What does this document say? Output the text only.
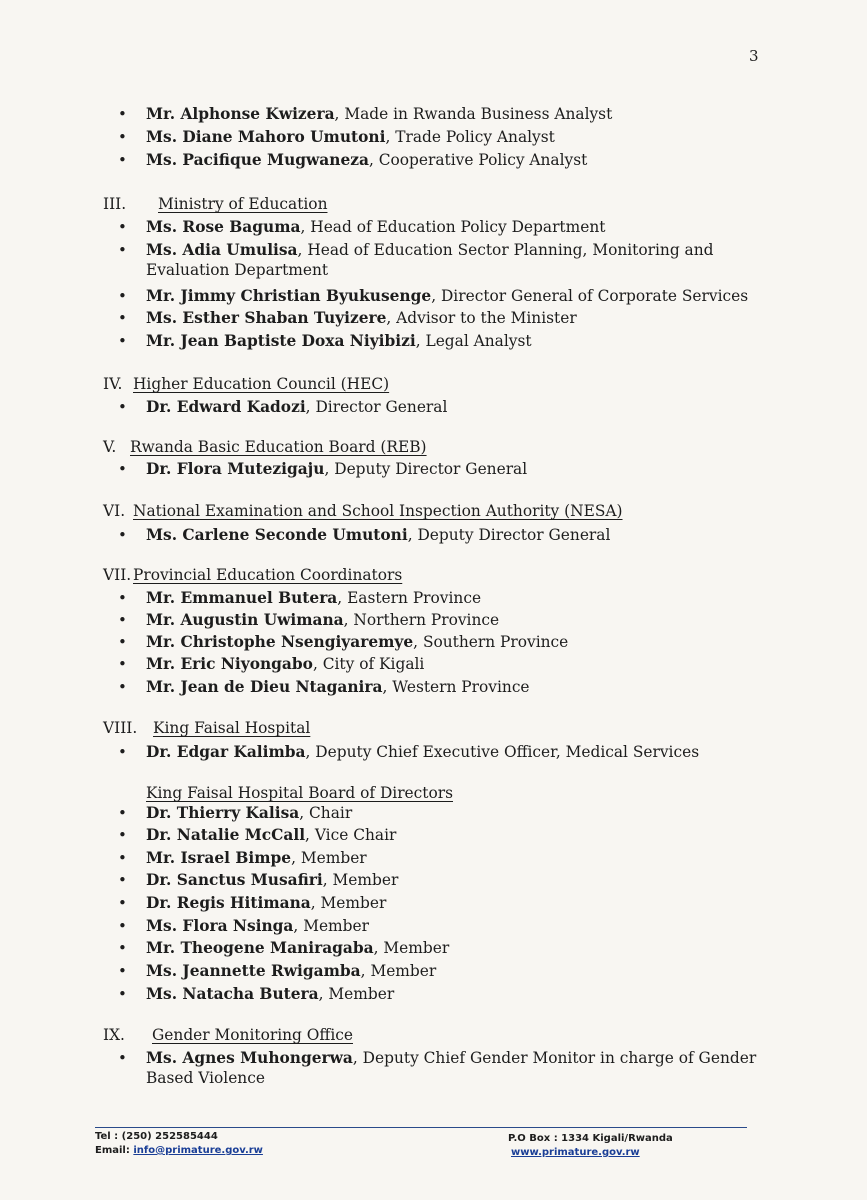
3
• Mr. Alphonse Kwizera, Made in Rwanda Business Analyst
• Ms. Diane Mahoro Umutoni, Trade Policy Analyst
• Ms. Pacifique Mugwaneza, Cooperative Policy Analyst
III. Ministry of Education
• Ms. Rose Baguma, Head of Education Policy Department
• Ms. Adia Umulisa, Head of Education Sector Planning, Monitoring and Evaluation Department
• Mr. Jimmy Christian Byukusenge, Director General of Corporate Services
• Ms. Esther Shaban Tuyizere, Advisor to the Minister
• Mr. Jean Baptiste Doxa Niyibizi, Legal Analyst
IV. Higher Education Council (HEC)
• Dr. Edward Kadozi, Director General
V. Rwanda Basic Education Board (REB)
• Dr. Flora Mutezigaju, Deputy Director General
VI. National Examination and School Inspection Authority (NESA)
• Ms. Carlene Seconde Umutoni, Deputy Director General
VII. Provincial Education Coordinators
• Mr. Emmanuel Butera, Eastern Province
• Mr. Augustin Uwimana, Northern Province
• Mr. Christophe Nsengiyaremye, Southern Province
• Mr. Eric Niyongabo, City of Kigali
• Mr. Jean de Dieu Ntaganira, Western Province
VIII. King Faisal Hospital
• Dr. Edgar Kalimba, Deputy Chief Executive Officer, Medical Services
King Faisal Hospital Board of Directors
• Dr. Thierry Kalisa, Chair
• Dr. Natalie McCall, Vice Chair
• Mr. Israel Bimpe, Member
• Dr. Sanctus Musafiri, Member
• Dr. Regis Hitimana, Member
• Ms. Flora Nsinga, Member
• Mr. Theogene Maniragaba, Member
• Ms. Jeannette Rwigamba, Member
• Ms. Natacha Butera, Member
IX. Gender Monitoring Office
• Ms. Agnes Muhongerwa, Deputy Chief Gender Monitor in charge of Gender Based Violence
Tel : (250) 252585444
Email: info@primature.gov.rw
P.O Box : 1334 Kigali/Rwanda
www.primature.gov.rw
